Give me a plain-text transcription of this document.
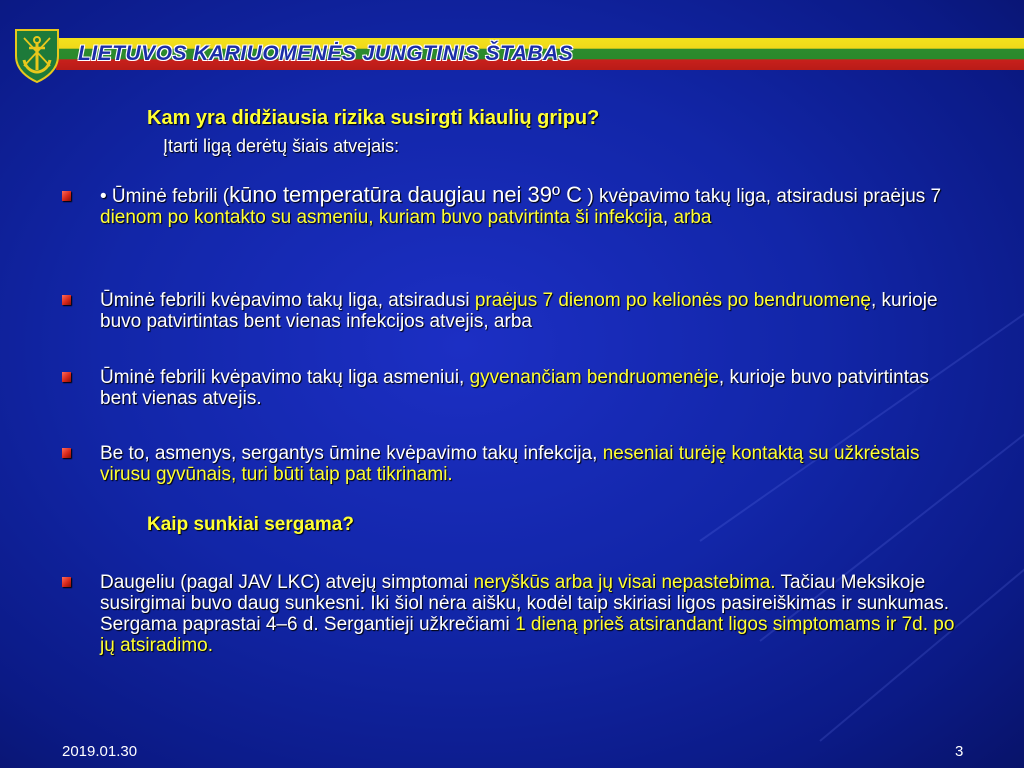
LIETUVOS KARIUOMENĖS JUNGTINIS ŠTABAS
Kam yra didžiausia rizika susirgti kiaulių gripu?
Įtarti ligą derėtų šiais atvejais:
• Ūminė febrili (kūno temperatūra daugiau nei 39º C ) kvėpavimo takų liga, atsiradusi praėjus 7 dienom po kontakto su asmeniu, kuriam buvo patvirtinta ši infekcija, arba
Ūminė febrili kvėpavimo takų liga, atsiradusi praėjus 7 dienom po kelionės po bendruomenę, kurioje buvo patvirtintas bent vienas infekcijos atvejis, arba
Ūminė febrili kvėpavimo takų liga asmeniui, gyvenančiam bendruomenėje, kurioje buvo patvirtintas bent vienas atvejis.
Be to, asmenys, sergantys ūmine kvėpavimo takų infekcija, neseniai turėję kontaktą su užkrėstais virusu gyvūnais, turi būti taip pat tikrinami.
Kaip sunkiai sergama?
Daugeliu (pagal JAV LKC) atvejų simptomai neryškūs arba jų visai nepastebima. Tačiau Meksikoje susirgimai buvo daug sunkesni. Iki šiol nėra aišku, kodėl taip skiriasi ligos pasireiškimas ir sunkumas. Sergama paprastai 4–6 d. Sergantieji užkrečiami 1 dieną prieš atsirandant ligos simptomams ir 7d. po jų atsiradimo.
2019.01.30	3
